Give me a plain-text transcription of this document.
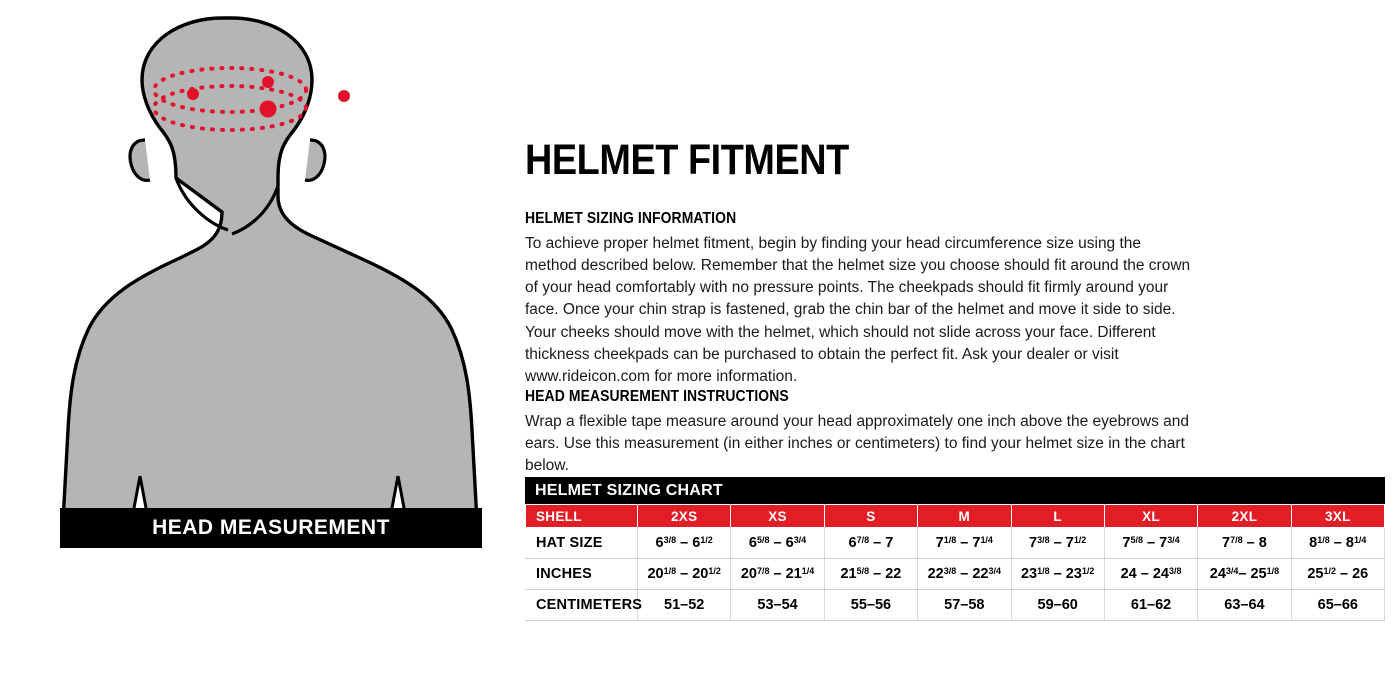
HEAD MEASUREMENT
HELMET FITMENT

HELMET SIZING INFORMATION

To achieve proper helmet fitment, begin by finding your head circumference size using the method described below. Remember that the helmet size you choose should fit around the crown of your head comfortably with no pressure points. The cheekpads should fit firmly around your face. Once your chin strap is fastened, grab the chin bar of the helmet and move it side to side. Your cheeks should move with the helmet, which should not slide across your face. Different thickness cheekpads can be purchased to obtain the perfect fit. Ask your dealer or visit www.rideicon.com for more information.

HEAD MEASUREMENT INSTRUCTIONS

Wrap a flexible tape measure around your head approximately one inch above the eyebrows and ears. Use this measurement (in either inches or centimeters) to find your helmet size in the chart below.

HELMET SIZING CHART
SHELL	2XS	XS	S	M	L	XL	2XL	3XL
HAT SIZE	$6^{3/8} - 6^{1/2}$	$6^{5/8} - 6^{3/4}$	$6^{7/8} - 7$	$7^{1/8} - 7^{1/4}$	$7^{3/8} - 7^{1/2}$	$7^{5/8} - 7^{3/4}$	$7^{7/8} - 8$	$8^{1/8} - 8^{1/4}$
INCHES	$20^{1/8} - 20^{1/2}$	$20^{7/8} - 21^{1/4}$	$21^{5/8} - 22$	$22^{3/8} - 22^{3/4}$	$23^{1/8} - 23^{1/2}$	$24 - 24^{3/8}$	$24^{3/4}-$ $25^{1/8}$	$25^{1/2} - 26$
CENTIMETERS	51–52	53–54	55–56	57–58	59–60	61–62	63–64	65–66
